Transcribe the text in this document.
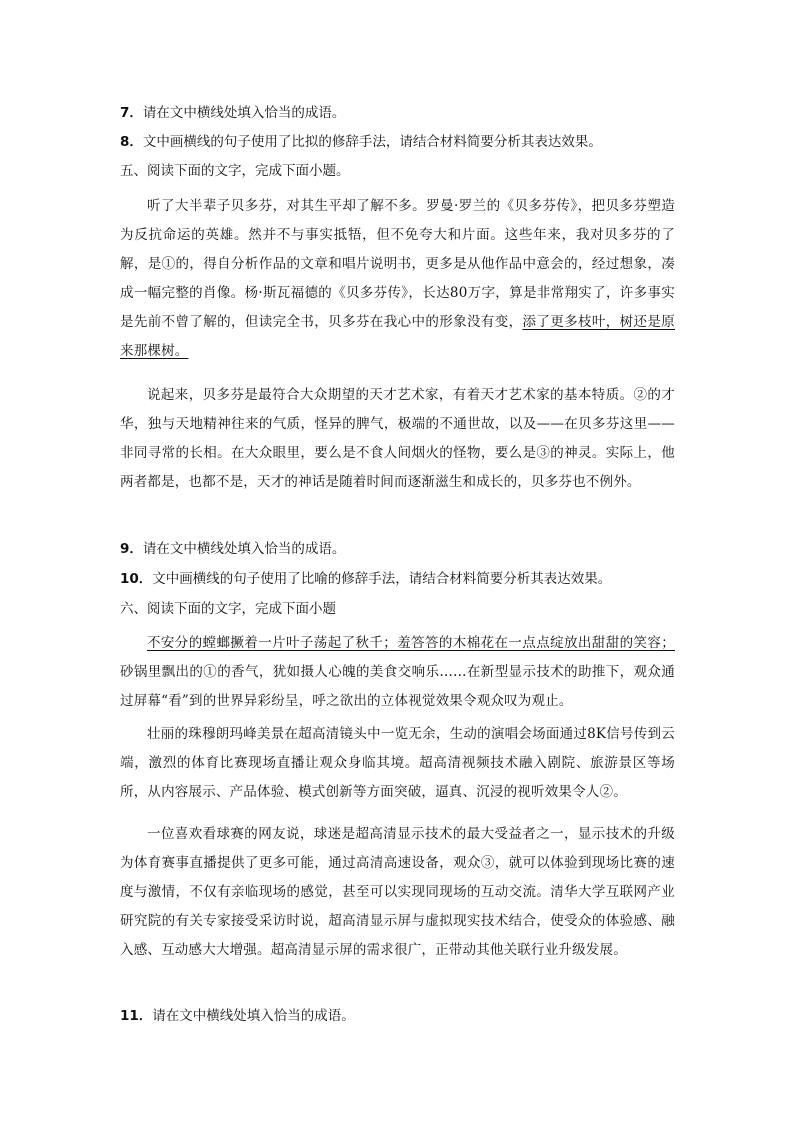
7．请在文中横线处填入恰当的成语。
8．文中画横线的句子使用了比拟的修辞手法，请结合材料简要分析其表达效果。
五、阅读下面的文字，完成下面小题。
听了大半辈子贝多芬，对其生平却了解不多。罗曼·罗兰的《贝多芬传》，把贝多芬塑造为反抗命运的英雄。然并不与事实抵牾，但不免夸大和片面。这些年来，我对贝多芬的了解，是①的，得自分析作品的文章和唱片说明书，更多是从他作品中意会的，经过想象，凑成一幅完整的肖像。杨·斯瓦福德的《贝多芬传》，长达80万字，算是非常翔实了，许多事实是先前不曾了解的，但读完全书，贝多芬在我心中的形象没有变，添了更多枝叶，树还是原来那棵树。
说起来，贝多芬是最符合大众期望的天才艺术家，有着天才艺术家的基本特质。②的才华，独与天地精神往来的气质，怪异的脾气，极端的不通世故，以及——在贝多芬这里——非同寻常的长相。在大众眼里，要么是不食人间烟火的怪物，要么是③的神灵。实际上，他两者都是，也都不是，天才的神话是随着时间而逐渐滋生和成长的，贝多芬也不例外。
9．请在文中横线处填入恰当的成语。
10．文中画横线的句子使用了比喻的修辞手法，请结合材料简要分析其表达效果。
六、阅读下面的文字，完成下面小题
不安分的螳螂撅着一片叶子荡起了秋千；羞答答的木棉花在一点点绽放出甜甜的笑容；砂锅里飘出的①的香气，犹如摄人心魄的美食交响乐……在新型显示技术的助推下，观众通过屏幕“看”到的世界异彩纷呈，呼之欲出的立体视觉效果令观众叹为观止。
壮丽的珠穆朗玛峰美景在超高清镜头中一览无余，生动的演唱会场面通过8K信号传到云端，激烈的体育比赛现场直播让观众身临其境。超高清视频技术融入剧院、旅游景区等场所，从内容展示、产品体验、模式创新等方面突破，逼真、沉浸的视听效果令人②。
一位喜欢看球赛的网友说，球迷是超高清显示技术的最大受益者之一，显示技术的升级为体育赛事直播提供了更多可能，通过高清高速设备，观众③，就可以体验到现场比赛的速度与激情，不仅有亲临现场的感觉，甚至可以实现同现场的互动交流。清华大学互联网产业研究院的有关专家接受采访时说，超高清显示屏与虚拟现实技术结合，使受众的体验感、融入感、互动感大大增强。超高清显示屏的需求很广，正带动其他关联行业升级发展。
11．请在文中横线处填入恰当的成语。
